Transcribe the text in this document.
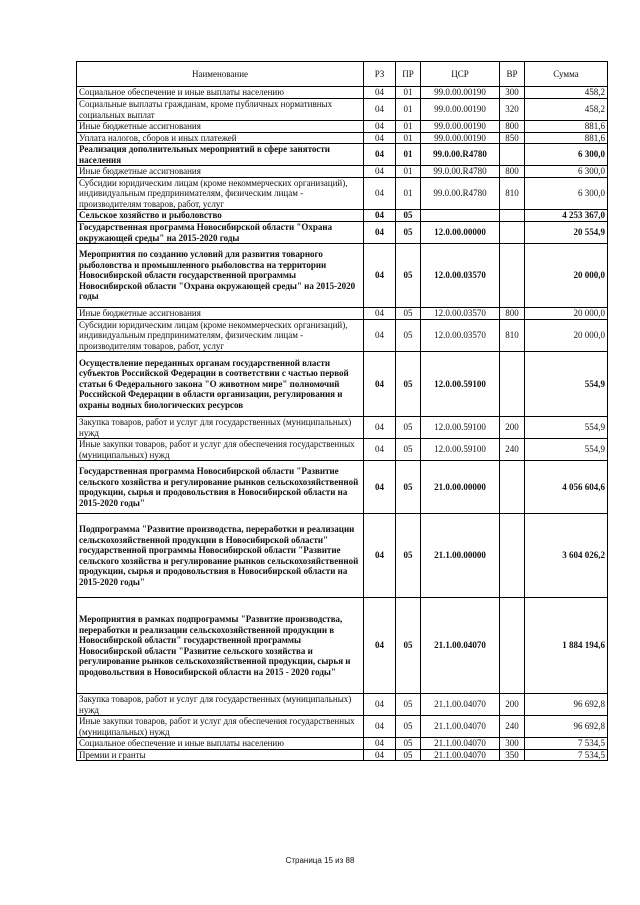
Наименование	РЗ	ПР	ЦСР	ВР	Сумма
Социальное обеспечение и иные выплаты населению	04	01	99.0.00.00190	300	458,2
Социальные выплаты гражданам, кроме публичных нормативных социальных выплат	04	01	99.0.00.00190	320	458,2
Иные бюджетные ассигнования	04	01	99.0.00.00190	800	881,6
Уплата налогов, сборов и иных платежей	04	01	99.0.00.00190	850	881,6
Реализация дополнительных мероприятий в сфере занятости населения	04	01	99.0.00.R4780		6 300,0
Иные бюджетные ассигнования	04	01	99.0.00.R4780	800	6 300,0
Субсидии юридическим лицам (кроме некоммерческих организаций), индивидуальным предпринимателям, физическим лицам - производителям товаров, работ, услуг	04	01	99.0.00.R4780	810	6 300,0
Сельское хозяйство и рыболовство	04	05			4 253 367,0
Государственная программа Новосибирской области "Охрана окружающей среды" на 2015-2020 годы	04	05	12.0.00.00000		20 554,9
Мероприятия по созданию условий для развития товарного рыболовства и промышленного рыболовства на территории Новосибирской области государственной программы Новосибирской области "Охрана окружающей среды" на 2015-2020 годы	04	05	12.0.00.03570		20 000,0
Иные бюджетные ассигнования	04	05	12.0.00.03570	800	20 000,0
Субсидии юридическим лицам (кроме некоммерческих организаций), индивидуальным предпринимателям, физическим лицам - производителям товаров, работ, услуг	04	05	12.0.00.03570	810	20 000,0
Осуществление переданных органам государственной власти субъектов Российской Федерации в соответствии с частью первой статьи 6 Федерального закона "О животном мире" полномочий Российской Федерации в области организации, регулирования и охраны водных биологических ресурсов	04	05	12.0.00.59100		554,9
Закупка товаров, работ и услуг для государственных (муниципальных) нужд	04	05	12.0.00.59100	200	554,9
Иные закупки товаров, работ и услуг для обеспечения государственных (муниципальных) нужд	04	05	12.0.00.59100	240	554,9
Государственная программа Новосибирской области "Развитие сельского хозяйства и регулирование рынков сельскохозяйственной продукции, сырья и продовольствия в Новосибирской области на 2015-2020 годы"	04	05	21.0.00.00000		4 056 604,6
Подпрограмма "Развитие производства, переработки и реализации сельскохозяйственной продукции в Новосибирской области" государственной программы Новосибирской области "Развитие сельского хозяйства и регулирование рынков сельскохозяйственной продукции, сырья и продовольствия в Новосибирской области на 2015-2020 годы"	04	05	21.1.00.00000		3 604 026,2
Мероприятия в рамках подпрограммы "Развитие производства, переработки и реализации сельскохозяйственной продукции в Новосибирской области" государственной программы Новосибирской области "Развитие сельского хозяйства и регулирование рынков сельскохозяйственной продукции, сырья и продовольствия в Новосибирской области на 2015 - 2020 годы"	04	05	21.1.00.04070		1 884 194,6
Закупка товаров, работ и услуг для государственных (муниципальных) нужд	04	05	21.1.00.04070	200	96 692,8
Иные закупки товаров, работ и услуг для обеспечения государственных (муниципальных) нужд	04	05	21.1.00.04070	240	96 692,8
Социальное обеспечение и иные выплаты населению	04	05	21.1.00.04070	300	7 534,5
Премии и гранты	04	05	21.1.00.04070	350	7 534,5
Страница 15 из 88
